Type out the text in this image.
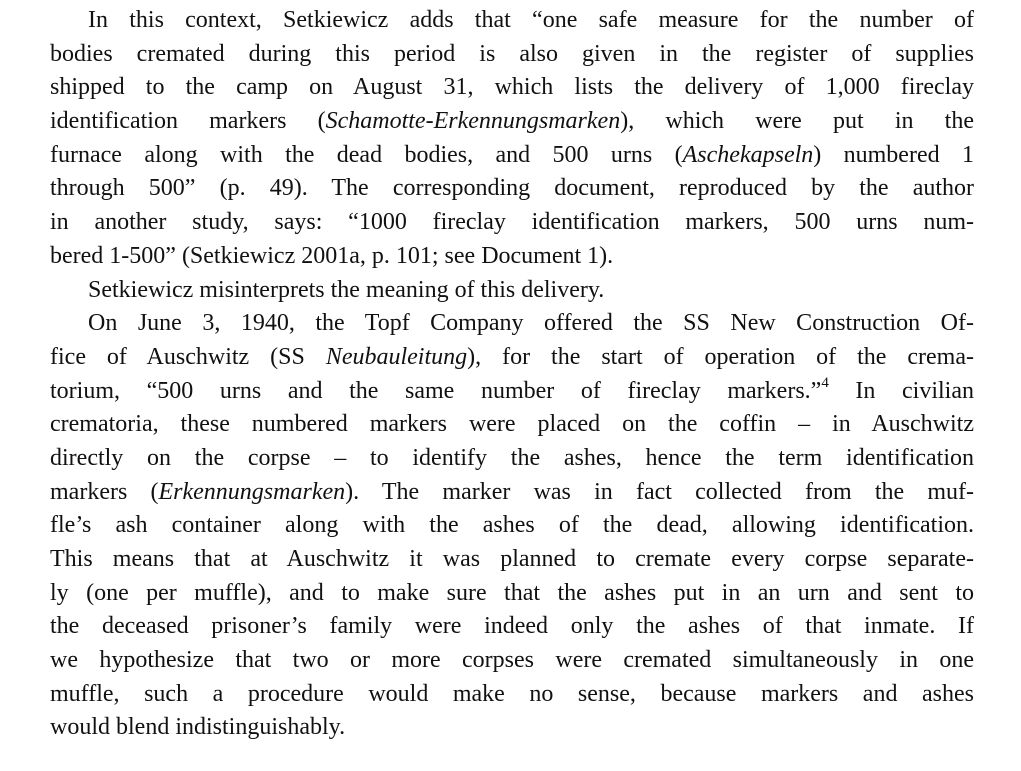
In this context, Setkiewicz adds that “one safe measure for the number of
bodies cremated during this period is also given in the register of supplies
shipped to the camp on August 31, which lists the delivery of 1,000 fireclay
identification markers (Schamotte-Erkennungsmarken), which were put in the
furnace along with the dead bodies, and 500 urns (Aschekapseln) numbered 1
through 500” (p. 49). The corresponding document, reproduced by the author
in another study, says: “1000 fireclay identification markers, 500 urns num-
bered 1-500” (Setkiewicz 2001a, p. 101; see Document 1).
Setkiewicz misinterprets the meaning of this delivery.
On June 3, 1940, the Topf Company offered the SS New Construction Of-
fice of Auschwitz (SS Neubauleitung), for the start of operation of the crema-
torium, “500 urns and the same number of fireclay markers.”$^4$ In civilian
crematoria, these numbered markers were placed on the coffin – in Auschwitz
directly on the corpse – to identify the ashes, hence the term identification
markers (Erkennungsmarken). The marker was in fact collected from the muf-
fle’s ash container along with the ashes of the dead, allowing identification.
This means that at Auschwitz it was planned to cremate every corpse separate-
ly (one per muffle), and to make sure that the ashes put in an urn and sent to
the deceased prisoner’s family were indeed only the ashes of that inmate. If
we hypothesize that two or more corpses were cremated simultaneously in one
muffle, such a procedure would make no sense, because markers and ashes
would blend indistinguishably.
